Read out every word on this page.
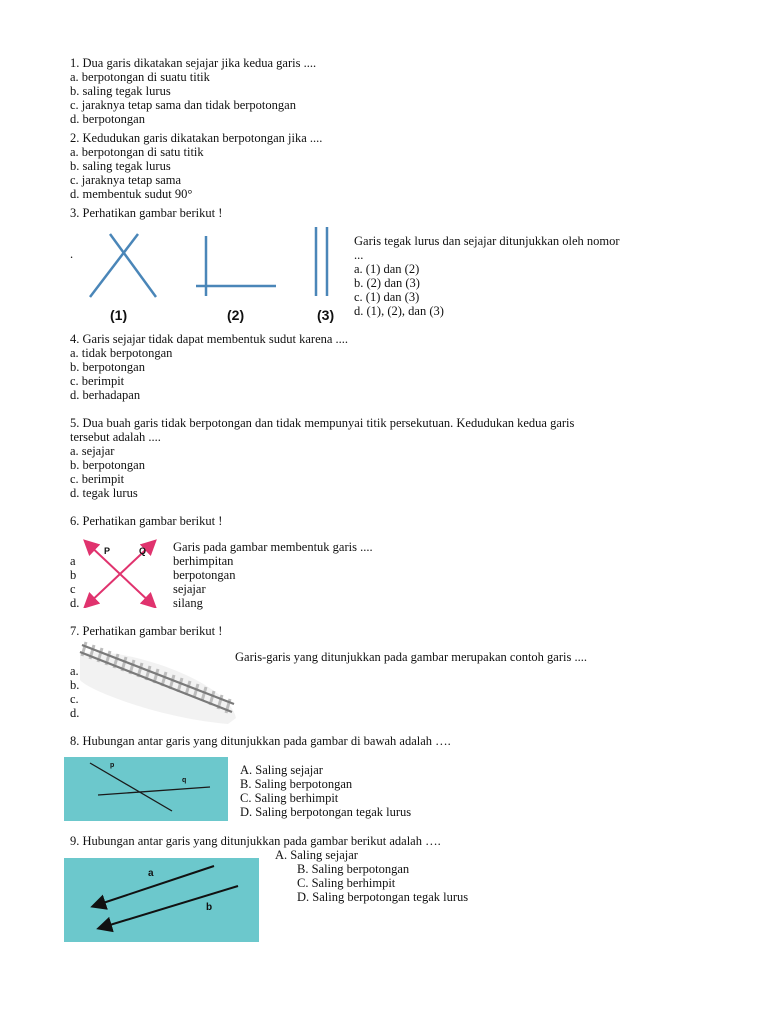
1. Dua garis dikatakan sejajar jika kedua garis ....
a. berpotongan di suatu titik
b. saling tegak lurus
c. jaraknya tetap sama dan tidak berpotongan
d. berpotongan
2. Kedudukan garis dikatakan berpotongan jika ....
a. berpotongan di satu titik
b. saling tegak lurus
c. jaraknya tetap sama
d. membentuk sudut 90°
3. Perhatikan gambar berikut !
.
(1)	(2)	(3)
Garis tegak lurus dan sejajar ditunjukkan oleh nomor
...
a. (1) dan (2)
b. (2) dan (3)
c. (1) dan (3)
d. (1), (2), dan (3)
4. Garis sejajar tidak dapat membentuk sudut karena ....
a. tidak berpotongan
b. berpotongan
c. berimpit
d. berhadapan
5. Dua buah garis tidak berpotongan dan tidak mempunyai titik persekutuan. Kedudukan kedua garis
tersebut adalah ....
a. sejajar
b. berpotongan
c. berimpit
d. tegak lurus
6. Perhatikan gambar berikut !
P	Q Garis pada gambar membentuk garis ....
a
b
c
d.
berhimpitan
berpotongan
sejajar
silang
7. Perhatikan gambar berikut !
Garis-garis yang ditunjukkan pada gambar merupakan contoh garis ....
a.
b.
c.
d.
8. Hubungan antar garis yang ditunjukkan pada gambar di bawah adalah ….
p
q
A. Saling sejajar
B. Saling berpotongan
C. Saling berhimpit
D. Saling berpotongan tegak lurus
9. Hubungan antar garis yang ditunjukkan pada gambar berikut adalah ….
a
b
A. Saling sejajar
B. Saling berpotongan
C. Saling berhimpit
D. Saling berpotongan tegak lurus
